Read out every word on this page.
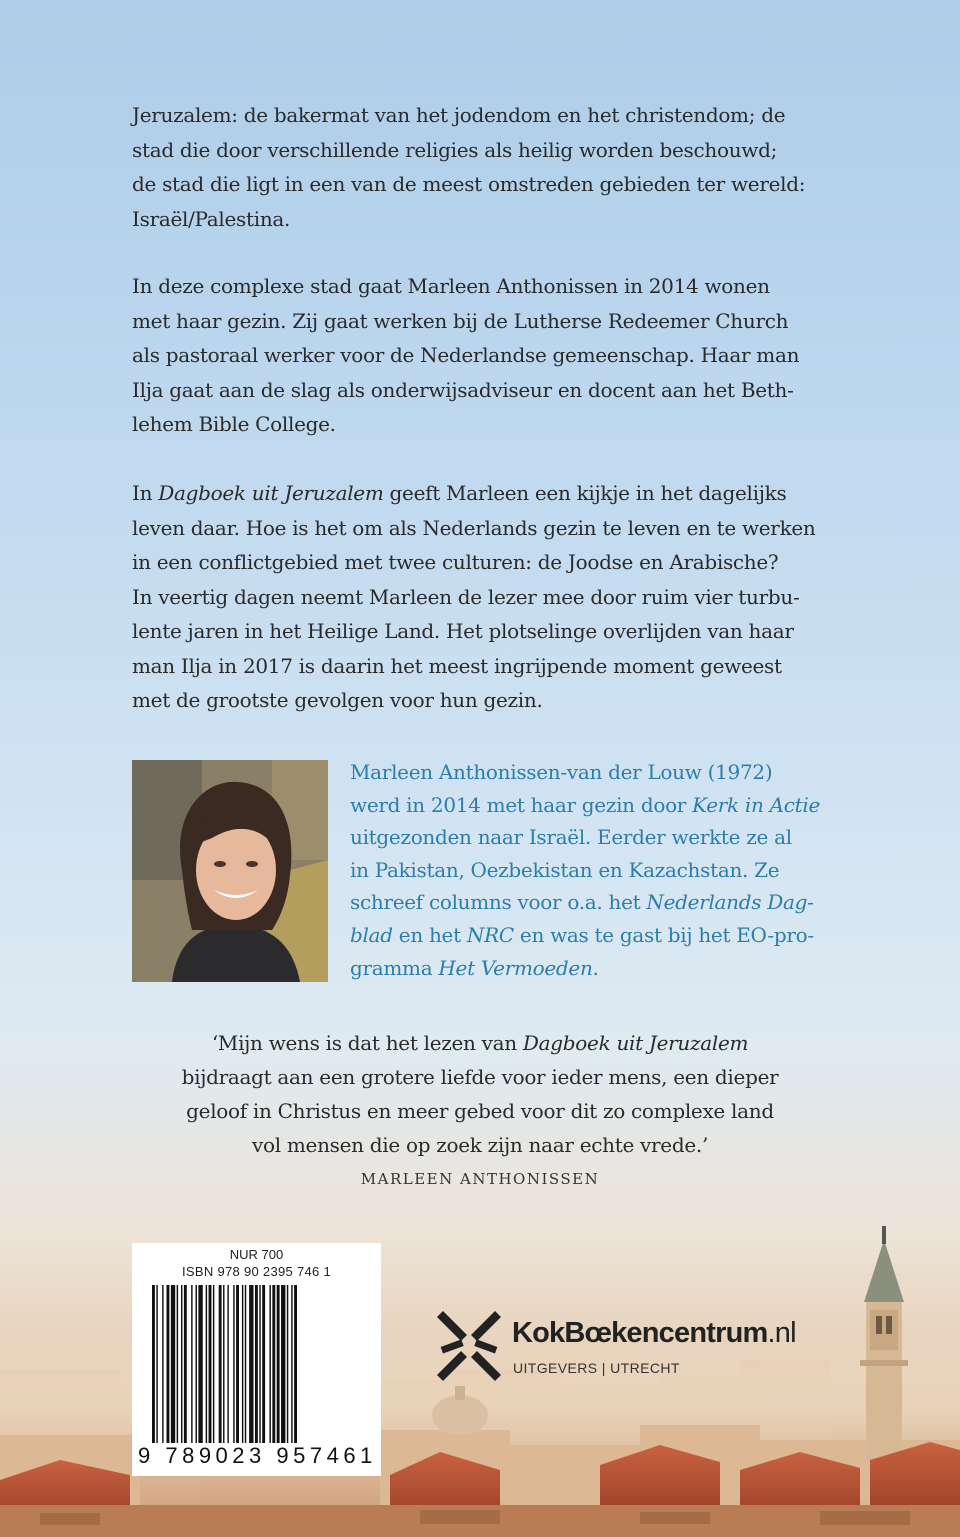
Jeruzalem: de bakermat van het jodendom en het christendom; de
stad die door verschillende religies als heilig worden beschouwd;
de stad die ligt in een van de meest omstreden gebieden ter wereld:
Israël/Palestina.

In deze complexe stad gaat Marleen Anthonissen in 2014 wonen
met haar gezin. Zij gaat werken bij de Lutherse Redeemer Church
als pastoraal werker voor de Nederlandse gemeenschap. Haar man
Ilja gaat aan de slag als onderwijsadviseur en docent aan het Beth-
lehem Bible College.

In Dagboek uit Jeruzalem geeft Marleen een kijkje in het dagelijks
leven daar. Hoe is het om als Nederlands gezin te leven en te werken
in een conflictgebied met twee culturen: de Joodse en Arabische?
In veertig dagen neemt Marleen de lezer mee door ruim vier turbu-
lente jaren in het Heilige Land. Het plotselinge overlijden van haar
man Ilja in 2017 is daarin het meest ingrijpende moment geweest
met de grootste gevolgen voor hun gezin.

Marleen Anthonissen-van der Louw (1972)
werd in 2014 met haar gezin door Kerk in Actie
uitgezonden naar Israël. Eerder werkte ze al
in Pakistan, Oezbekistan en Kazachstan. Ze
schreef columns voor o.a. het Nederlands Dag-
blad en het NRC en was te gast bij het EO-pro-
gramma Het Vermoeden.

‘Mijn wens is dat het lezen van Dagboek uit Jeruzalem
bijdraagt aan een grotere liefde voor ieder mens, een dieper
geloof in Christus en meer gebed voor dit zo complexe land
vol mensen die op zoek zijn naar echte vrede.’

MARLEEN ANTHONISSEN
NUR 700
ISBN 978 90 2395 746 1
9 789023 957461
KokBœkencentrum.nl
UITGEVERS | UTRECHT
